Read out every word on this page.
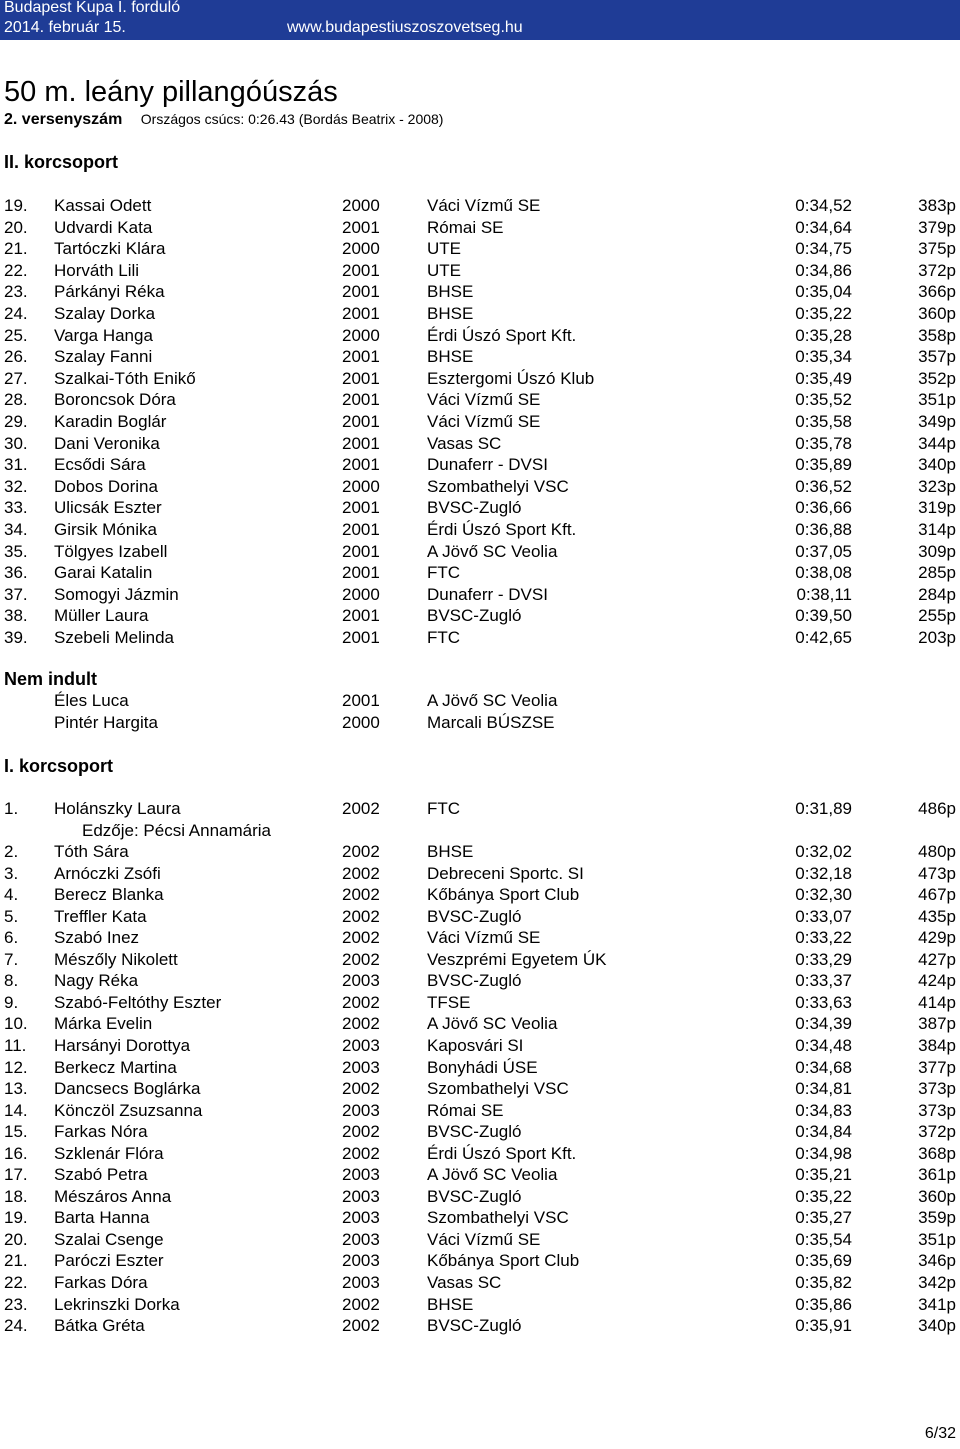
Budapest Kupa I. forduló
2014. február 15.	www.budapestiuszoszovetseg.hu
50 m. leány pillangóúszás
2. versenyszám Országos csúcs: 0:26.43 (Bordás Beatrix - 2008)
II. korcsoport
19. Kassai Odett	2000	Váci Vízmű SE	0:34,52	383p
20. Udvardi Kata	2001	Római SE	0:34,64	379p
21. Tartóczki Klára	2000	UTE	0:34,75	375p
22. Horváth Lili	2001	UTE	0:34,86	372p
23. Párkányi Réka	2001	BHSE	0:35,04	366p
24. Szalay Dorka	2001	BHSE	0:35,22	360p
25. Varga Hanga	2000	Érdi Úszó Sport Kft.	0:35,28	358p
26. Szalay Fanni	2001	BHSE	0:35,34	357p
27. Szalkai-Tóth Enikő	2001	Esztergomi Úszó Klub	0:35,49	352p
28. Boroncsok Dóra	2001	Váci Vízmű SE	0:35,52	351p
29. Karadin Boglár	2001	Váci Vízmű SE	0:35,58	349p
30. Dani Veronika	2001	Vasas SC	0:35,78	344p
31. Ecsődi Sára	2001	Dunaferr - DVSI	0:35,89	340p
32. Dobos Dorina	2000	Szombathelyi VSC	0:36,52	323p
33. Ulicsák Eszter	2001	BVSC-Zugló	0:36,66	319p
34. Girsik Mónika	2001	Érdi Úszó Sport Kft.	0:36,88	314p
35. Tölgyes Izabell	2001	A Jövő SC Veolia	0:37,05	309p
36. Garai Katalin	2001	FTC	0:38,08	285p
37. Somogyi Jázmin	2000	Dunaferr - DVSI	0:38,11	284p
38. Müller Laura	2001	BVSC-Zugló	0:39,50	255p
39. Szebeli Melinda	2001	FTC	0:42,65	203p
Nem indult
Éles Luca	2001	A Jövő SC Veolia
Pintér Hargita	2000	Marcali BÚSZSE
I. korcsoport
1. Holánszky Laura	2002	FTC	0:31,89	486p
Edzője: Pécsi Annamária
2. Tóth Sára	2002	BHSE	0:32,02	480p
3. Arnóczki Zsófi	2002	Debreceni Sportc. SI	0:32,18	473p
4. Berecz Blanka	2002	Kőbánya Sport Club	0:32,30	467p
5. Treffler Kata	2002	BVSC-Zugló	0:33,07	435p
6. Szabó Inez	2002	Váci Vízmű SE	0:33,22	429p
7. Mészőly Nikolett	2002	Veszprémi Egyetem ÚK	0:33,29	427p
8. Nagy Réka	2003	BVSC-Zugló	0:33,37	424p
9. Szabó-Feltóthy Eszter	2002	TFSE	0:33,63	414p
10. Márka Evelin	2002	A Jövő SC Veolia	0:34,39	387p
11. Harsányi Dorottya	2003	Kaposvári SI	0:34,48	384p
12. Berkecz Martina	2003	Bonyhádi ÚSE	0:34,68	377p
13. Dancsecs Boglárka	2002	Szombathelyi VSC	0:34,81	373p
14. Könczöl Zsuzsanna	2003	Római SE	0:34,83	373p
15. Farkas Nóra	2002	BVSC-Zugló	0:34,84	372p
16. Szklenár Flóra	2002	Érdi Úszó Sport Kft.	0:34,98	368p
17. Szabó Petra	2003	A Jövő SC Veolia	0:35,21	361p
18. Mészáros Anna	2003	BVSC-Zugló	0:35,22	360p
19. Barta Hanna	2003	Szombathelyi VSC	0:35,27	359p
20. Szalai Csenge	2003	Váci Vízmű SE	0:35,54	351p
21. Paróczi Eszter	2003	Kőbánya Sport Club	0:35,69	346p
22. Farkas Dóra	2003	Vasas SC	0:35,82	342p
23. Lekrinszki Dorka	2002	BHSE	0:35,86	341p
24. Bátka Gréta	2002	BVSC-Zugló	0:35,91	340p
6/32
